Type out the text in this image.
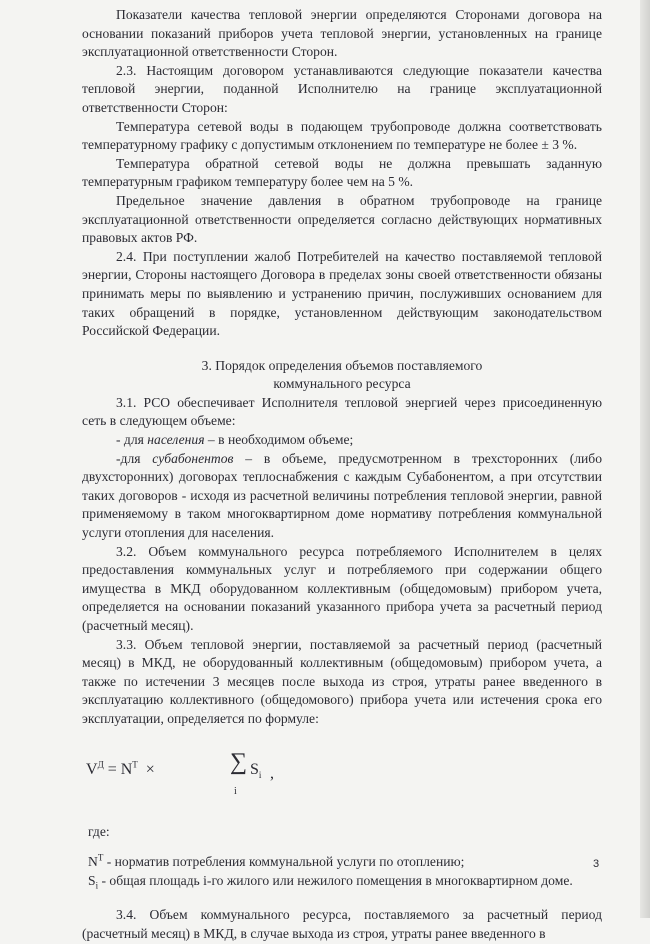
Показатели качества тепловой энергии определяются Сторонами договора на основании показаний приборов учета тепловой энергии, установленных на границе эксплуатационной ответственности Сторон.

2.3. Настоящим договором устанавливаются следующие показатели качества тепловой энергии, поданной Исполнителю на границе эксплуатационной ответственности Сторон:

Температура сетевой воды в подающем трубопроводе должна соответствовать температурному графику с допустимым отклонением по температуре не более ± 3 %.

Температура обратной сетевой воды не должна превышать заданную температурным графиком температуру более чем на 5 %.

Предельное значение давления в обратном трубопроводе на границе эксплуатационной ответственности определяется согласно действующих нормативных правовых актов РФ.

2.4. При поступлении жалоб Потребителей на качество поставляемой тепловой энергии, Стороны настоящего Договора в пределах зоны своей ответственности обязаны принимать меры по выявлению и устранению причин, послуживших основанием для таких обращений в порядке, установленном действующим законодательством Российской Федерации.

3. Порядок определения объемов поставляемого
коммунального ресурса

3.1. РСО обеспечивает Исполнителя тепловой энергией через присоединенную сеть в следующем объеме:

- для населения – в необходимом объеме;

-для субабонентов – в объеме, предусмотренном в трехсторонних (либо двухсторонних) договорах теплоснабжения с каждым Субабонентом, а при отсутствии таких договоров - исходя из расчетной величины потребления тепловой энергии, равной применяемому в таком многоквартирном доме нормативу потребления коммунальной услуги отопления для населения.

3.2. Объем коммунального ресурса потребляемого Исполнителем в целях предоставления коммунальных услуг и потребляемого при содержании общего имущества в МКД оборудованном коллективным (общедомовым) прибором учета, определяется на основании показаний указанного прибора учета за расчетный период (расчетный месяц).

3.3. Объем тепловой энергии, поставляемой за расчетный период (расчетный месяц) в МКД, не оборудованный коллективным (общедомовым) прибором учета, а также по истечении 3 месяцев после выхода из строя, утраты ранее введенного в эксплуатацию коллективного (общедомового) прибора учета или истечения срока его эксплуатации, определяется по формуле:

$V^Д = N^Т$ ×	∑ $S_i$
i
,

где:

$N^Т$ - норматив потребления коммунальной услуги по отоплению;

$S_i$ - общая площадь i-го жилого или нежилого помещения в многоквартирном доме.

3.4. Объем коммунального ресурса, поставляемого за расчетный период (расчетный месяц) в МКД, в случае выхода из строя, утраты ранее введенного в

3
